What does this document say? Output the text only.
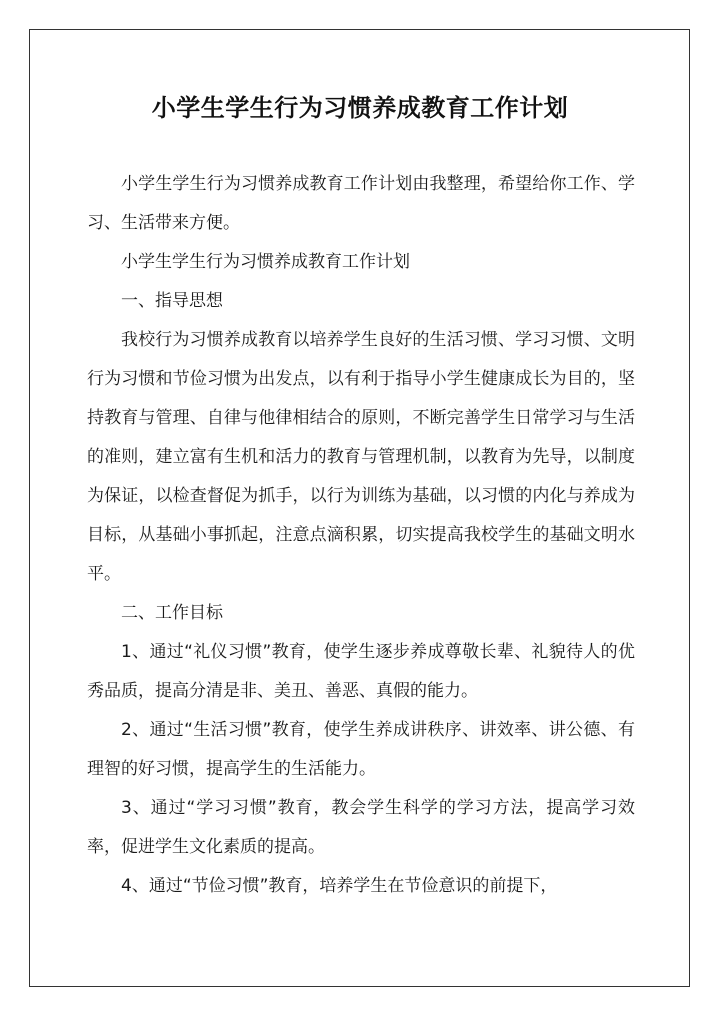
小学生学生行为习惯养成教育工作计划

小学生学生行为习惯养成教育工作计划由我整理，希望给你工作、学习、生活带来方便。

小学生学生行为习惯养成教育工作计划

一、指导思想

我校行为习惯养成教育以培养学生良好的生活习惯、学习习惯、文明行为习惯和节俭习惯为出发点，以有利于指导小学生健康成长为目的，坚持教育与管理、自律与他律相结合的原则，不断完善学生日常学习与生活的准则，建立富有生机和活力的教育与管理机制，以教育为先导，以制度为保证，以检查督促为抓手，以行为训练为基础，以习惯的内化与养成为目标，从基础小事抓起，注意点滴积累，切实提高我校学生的基础文明水平。

二、工作目标

1、通过“礼仪习惯”教育，使学生逐步养成尊敬长辈、礼貌待人的优秀品质，提高分清是非、美丑、善恶、真假的能力。

2、通过“生活习惯”教育，使学生养成讲秩序、讲效率、讲公德、有理智的好习惯，提高学生的生活能力。

3、通过“学习习惯”教育，教会学生科学的学习方法，提高学习效率，促进学生文化素质的提高。

4、通过“节俭习惯”教育，培养学生在节俭意识的前提下，
